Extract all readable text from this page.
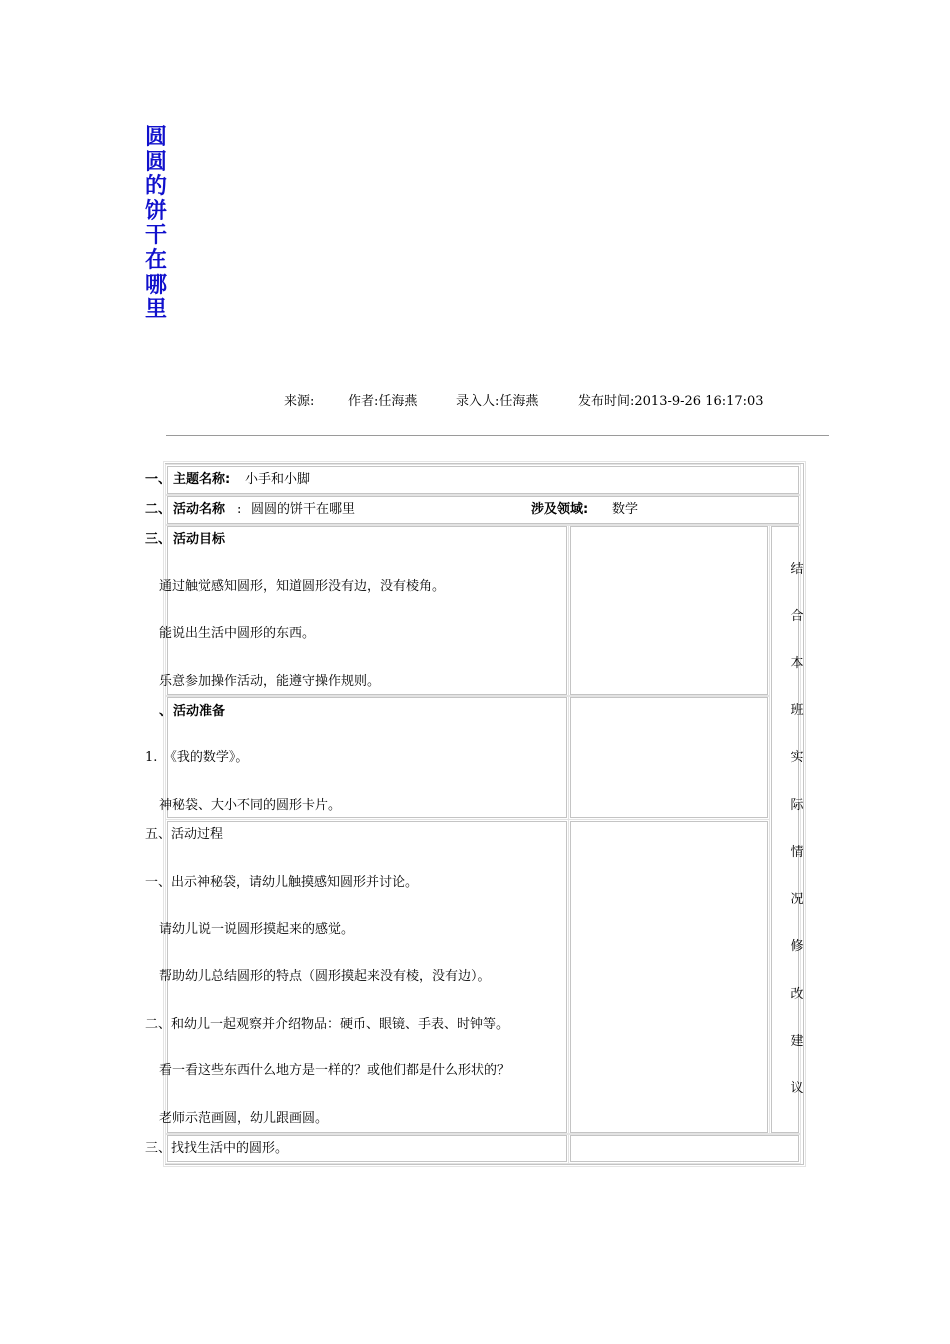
圆圆的饼干在哪里
来源:	作者:任海燕	录入人:任海燕	发布时间:2013-9-26 16:17:03
一、 主题名称: 小手和小脚
二、 活动名称 : 圆圆的饼干在哪里	涉及领域: 数学
三、 活动目标
通过触觉感知圆形，知道圆形没有边，没有棱角。
能说出生活中圆形的东西。
乐意参加操作活动，能遵守操作规则。
、 活动准备
1.　《我的数学》。
神秘袋、大小不同的圆形卡片。
五、活动过程
一、出示神秘袋，请幼儿触摸感知圆形并讨论。
请幼儿说一说圆形摸起来的感觉。
帮助幼儿总结圆形的特点（圆形摸起来没有棱，没有边）。
二、和幼儿一起观察并介绍物品：硬币、眼镜、手表、时钟等。
看一看这些东西什么地方是一样的？或他们都是什么形状的？
老师示范画圆，幼儿跟画圆。
三、找找生活中的圆形。
结
合
本
班
实
际
情
况
修
改
建
议
